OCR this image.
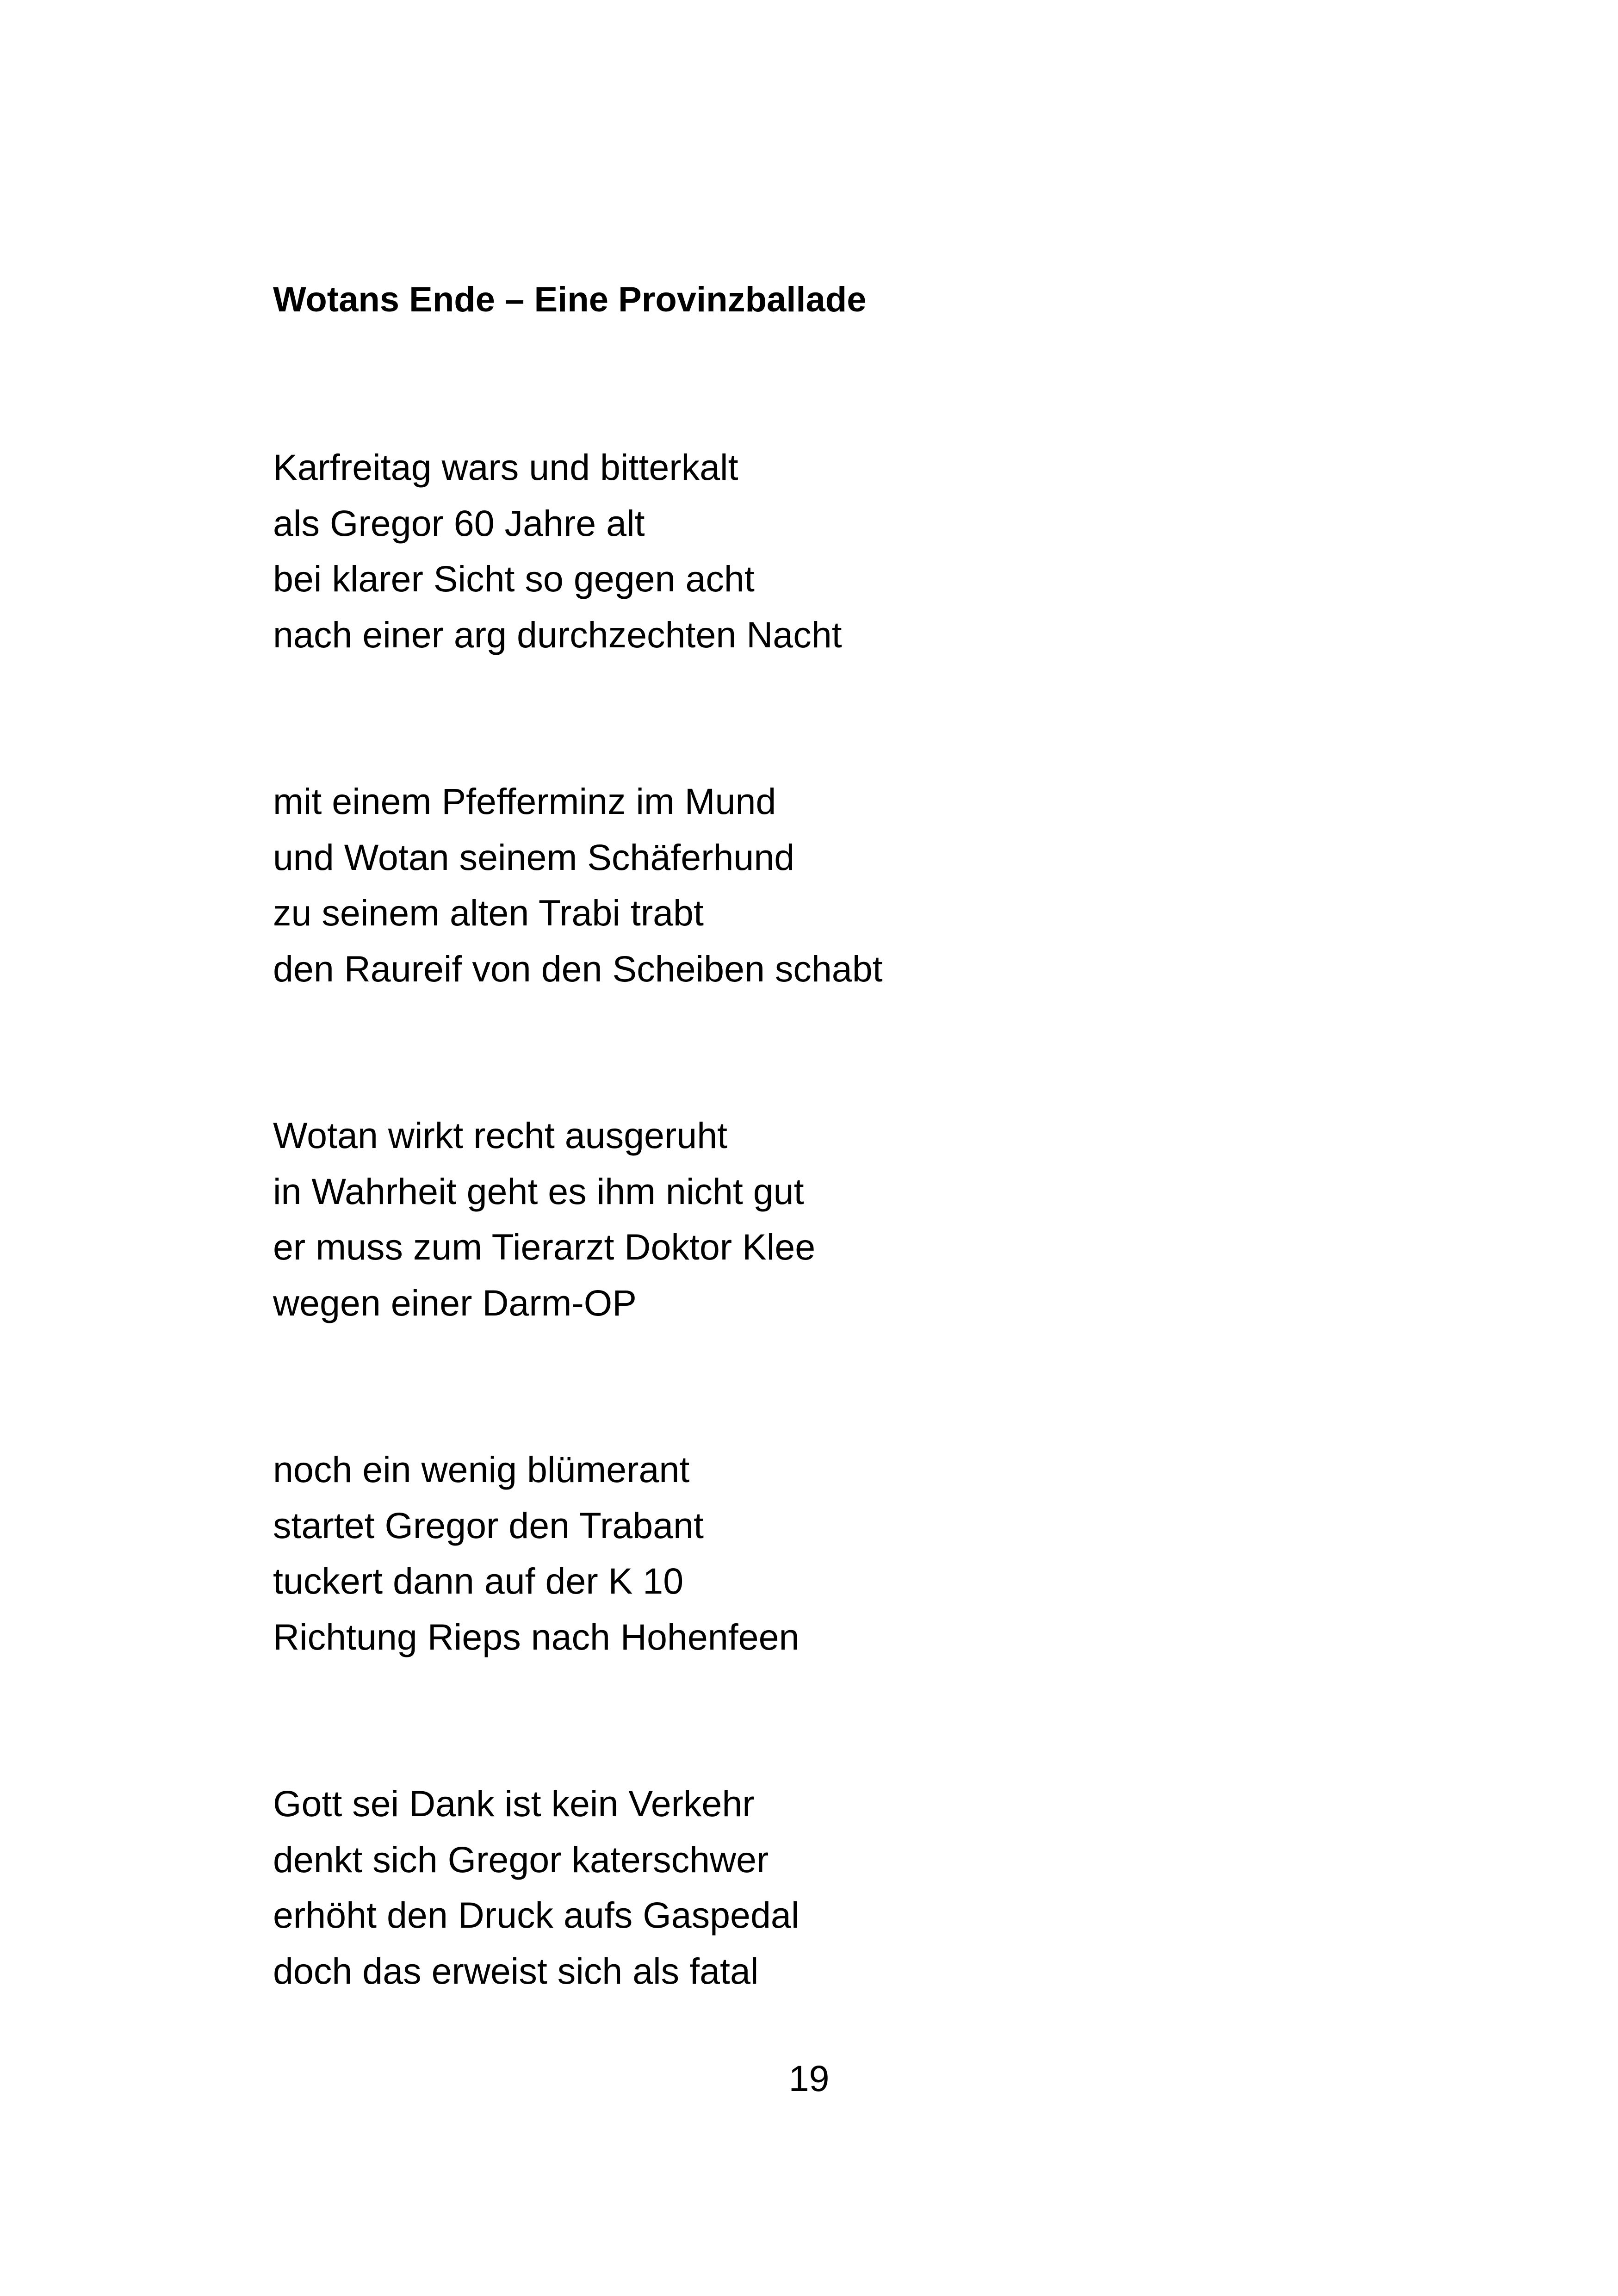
Wotans Ende – Eine Provinzballade
Karfreitag wars und bitterkalt
als Gregor 60 Jahre alt
bei klarer Sicht so gegen acht
nach einer arg durchzechten Nacht
mit einem Pfefferminz im Mund
und Wotan seinem Schäferhund
zu seinem alten Trabi trabt
den Raureif von den Scheiben schabt
Wotan wirkt recht ausgeruht
in Wahrheit geht es ihm nicht gut
er muss zum Tierarzt Doktor Klee
wegen einer Darm-OP
noch ein wenig blümerant
startet Gregor den Trabant
tuckert dann auf der K 10
Richtung Rieps nach Hohenfeen
Gott sei Dank ist kein Verkehr
denkt sich Gregor katerschwer
erhöht den Druck aufs Gaspedal
doch das erweist sich als fatal
19
